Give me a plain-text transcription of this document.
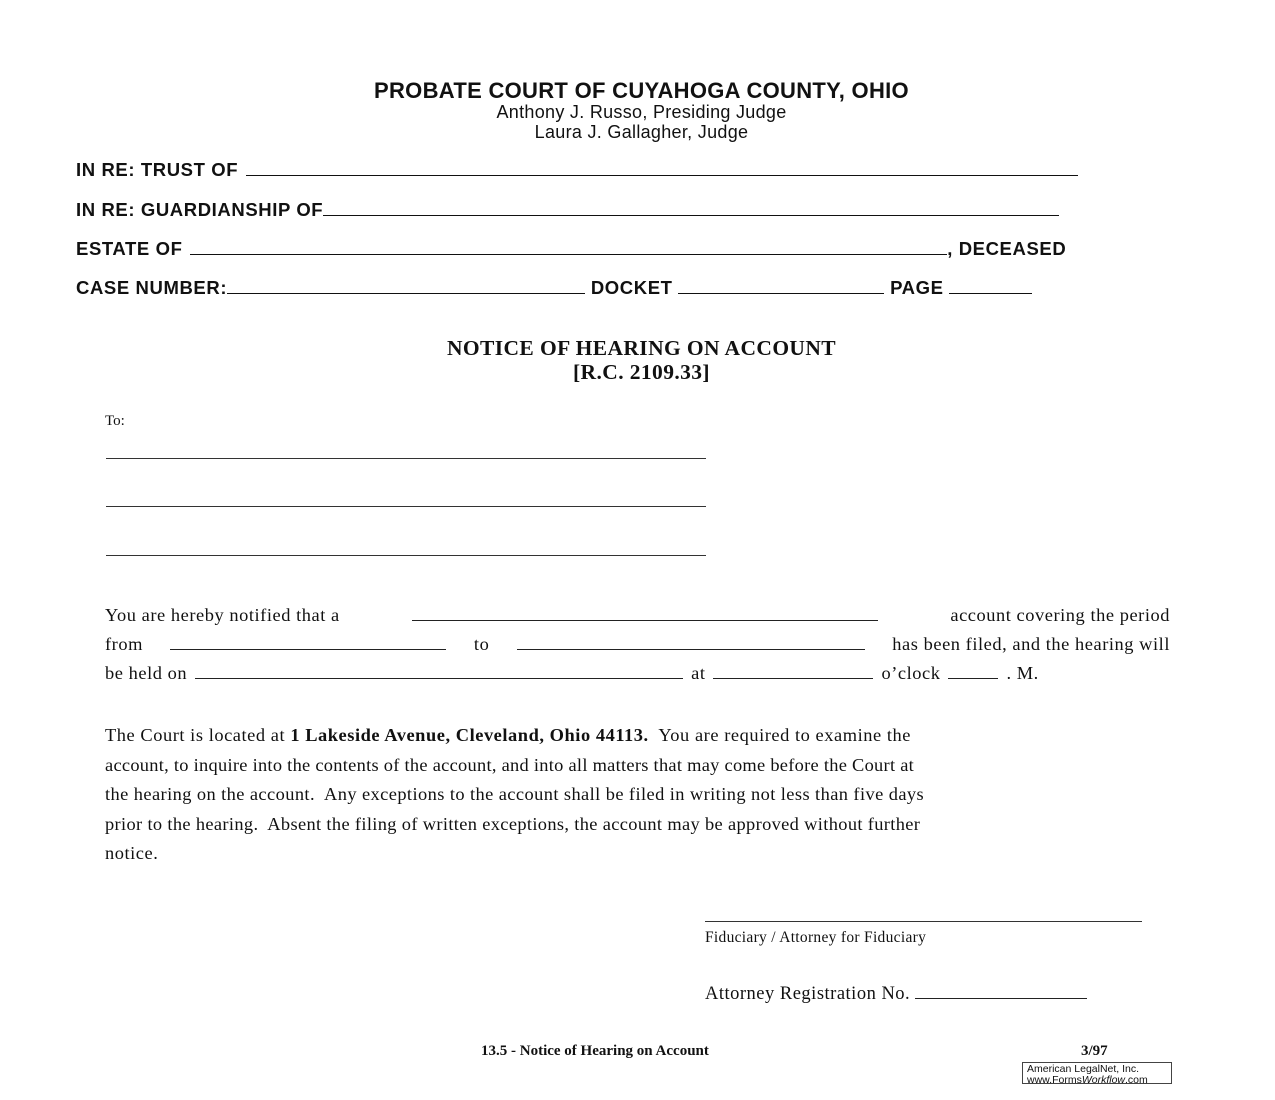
PROBATE COURT OF CUYAHOGA COUNTY, OHIO
Anthony J. Russo, Presiding Judge
Laura J. Gallagher, Judge
IN RE: TRUST OF
IN RE: GUARDIANSHIP OF
ESTATE OF	, DECEASED
CASE NUMBER:	DOCKET	PAGE
NOTICE OF HEARING ON ACCOUNT
[R.C. 2109.33]
To:
You are hereby notified that a	account covering the period
from	to	has been filed, and the hearing will
be held on	at	o’clock	. M.
The Court is located at 1 Lakeside Avenue, Cleveland, Ohio 44113.  You are required to examine the
account, to inquire into the contents of the account, and into all matters that may come before the Court at
the hearing on the account.  Any exceptions to the account shall be filed in writing not less than five days
prior to the hearing.  Absent the filing of written exceptions, the account may be approved without further
notice.
Fiduciary / Attorney for Fiduciary
Attorney Registration No.
13.5 - Notice of Hearing on Account	3/97
American LegalNet, Inc.
www.FormsWorkflow.com
